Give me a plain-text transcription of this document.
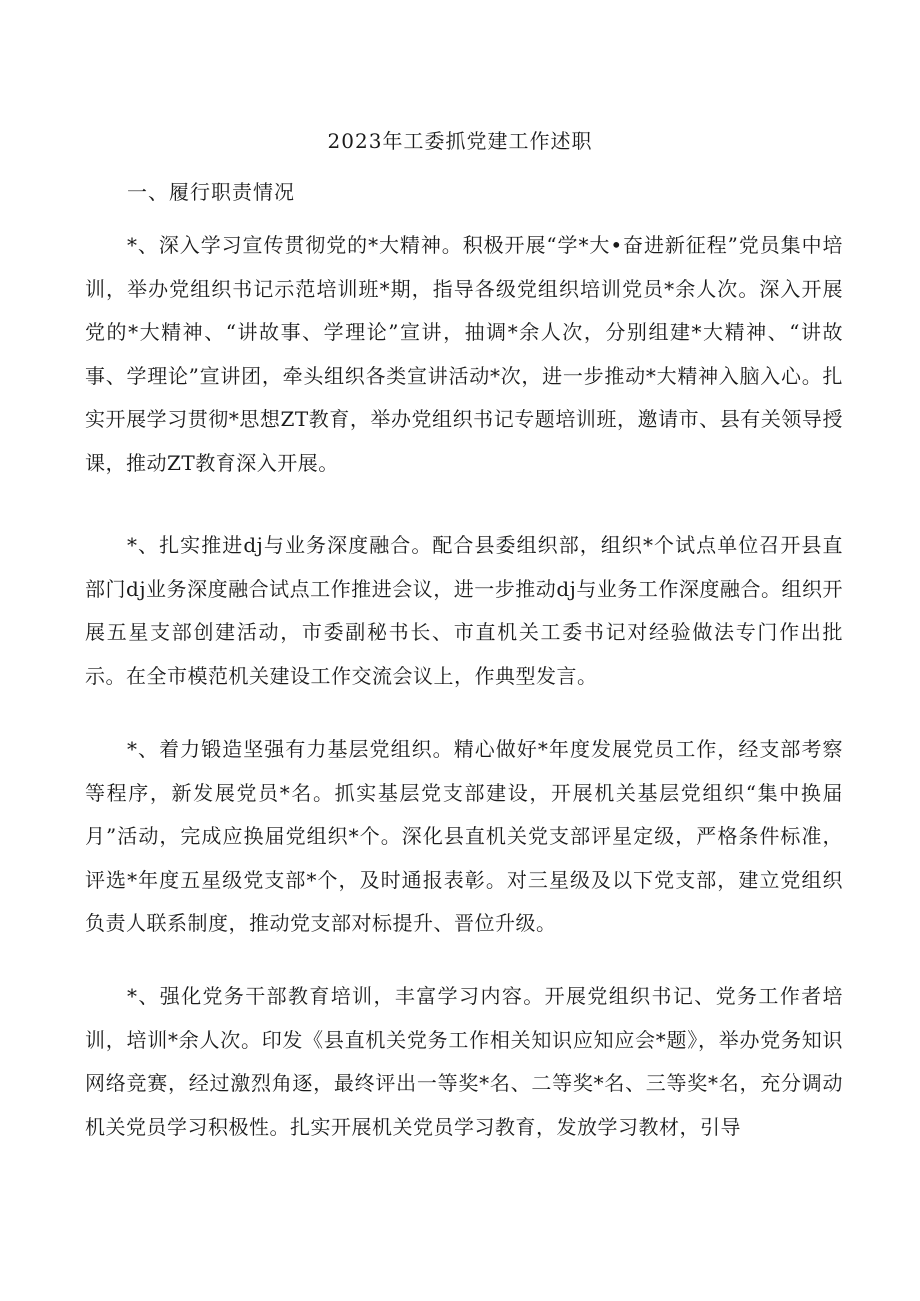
2023年工委抓党建工作述职
一、履行职责情况

*、深入学习宣传贯彻党的*大精神。积极开展“学*大•奋进新征程”党员集中培训，举办党组织书记示范培训班*期，指导各级党组织培训党员*余人次。深入开展党的*大精神、“讲故事、学理论”宣讲，抽调*余人次，分别组建*大精神、“讲故事、学理论”宣讲团，牵头组织各类宣讲活动*次，进一步推动*大精神入脑入心。扎实开展学习贯彻*思想ZT教育，举办党组织书记专题培训班，邀请市、县有关领导授课，推动ZT教育深入开展。

*、扎实推进dj与业务深度融合。配合县委组织部，组织*个试点单位召开县直部门dj业务深度融合试点工作推进会议，进一步推动dj与业务工作深度融合。组织开展五星支部创建活动，市委副秘书长、市直机关工委书记对经验做法专门作出批示。在全市模范机关建设工作交流会议上，作典型发言。

*、着力锻造坚强有力基层党组织。精心做好*年度发展党员工作，经支部考察等程序，新发展党员*名。抓实基层党支部建设，开展机关基层党组织“集中换届月”活动，完成应换届党组织*个。深化县直机关党支部评星定级，严格条件标准，评选*年度五星级党支部*个，及时通报表彰。对三星级及以下党支部，建立党组织负责人联系制度，推动党支部对标提升、晋位升级。

*、强化党务干部教育培训，丰富学习内容。开展党组织书记、党务工作者培训，培训*余人次。印发《县直机关党务工作相关知识应知应会*题》，举办党务知识网络竞赛，经过激烈角逐，最终评出一等奖*名、二等奖*名、三等奖*名，充分调动机关党员学习积极性。扎实开展机关党员学习教育，发放学习教材，引导
